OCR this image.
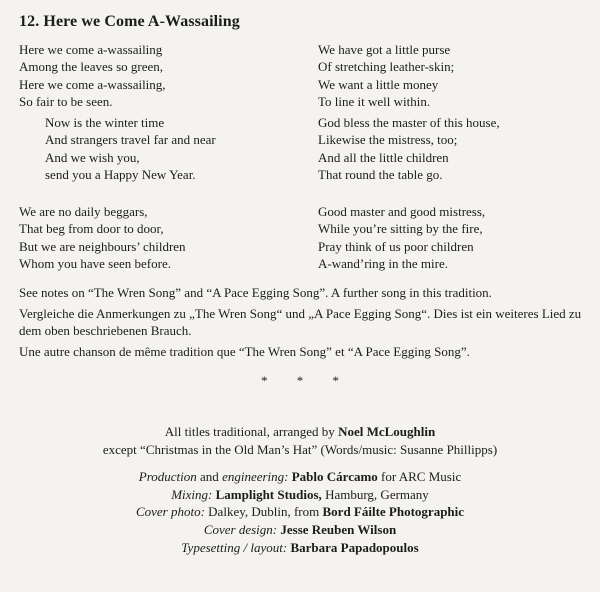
12. Here we Come A-Wassailing
Here we come a-wassailing
Among the leaves so green,
Here we come a-wassailing,
So fair to be seen.
Now is the winter time
And strangers travel far and near
And we wish you,
send you a Happy New Year.
We are no daily beggars,
That beg from door to door,
But we are neighbours’ children
Whom you have seen before.
We have got a little purse
Of stretching leather-skin;
We want a little money
To line it well within.
God bless the master of this house,
Likewise the mistress, too;
And all the little children
That round the table go.
Good master and good mistress,
While you’re sitting by the fire,
Pray think of us poor children
A-wand’ring in the mire.

See notes on “The Wren Song” and “A Pace Egging Song”. A further song in this tradition.

Vergleiche die Anmerkungen zu „The Wren Song“ und „A Pace Egging Song“. Dies ist ein weiteres Lied zu dem oben beschriebenen Brauch.

Une autre chanson de même tradition que “The Wren Song” et “A Pace Egging Song”.

* * *
All titles traditional, arranged by Noel McLoughlin
except “Christmas in the Old Man’s Hat” (Words/music: Susanne Phillipps)
Production and engineering: Pablo Cárcamo for ARC Music
Mixing: Lamplight Studios, Hamburg, Germany
Cover photo: Dalkey, Dublin, from Bord Fáilte Photographic
Cover design: Jesse Reuben Wilson
Typesetting / layout: Barbara Papadopoulos
